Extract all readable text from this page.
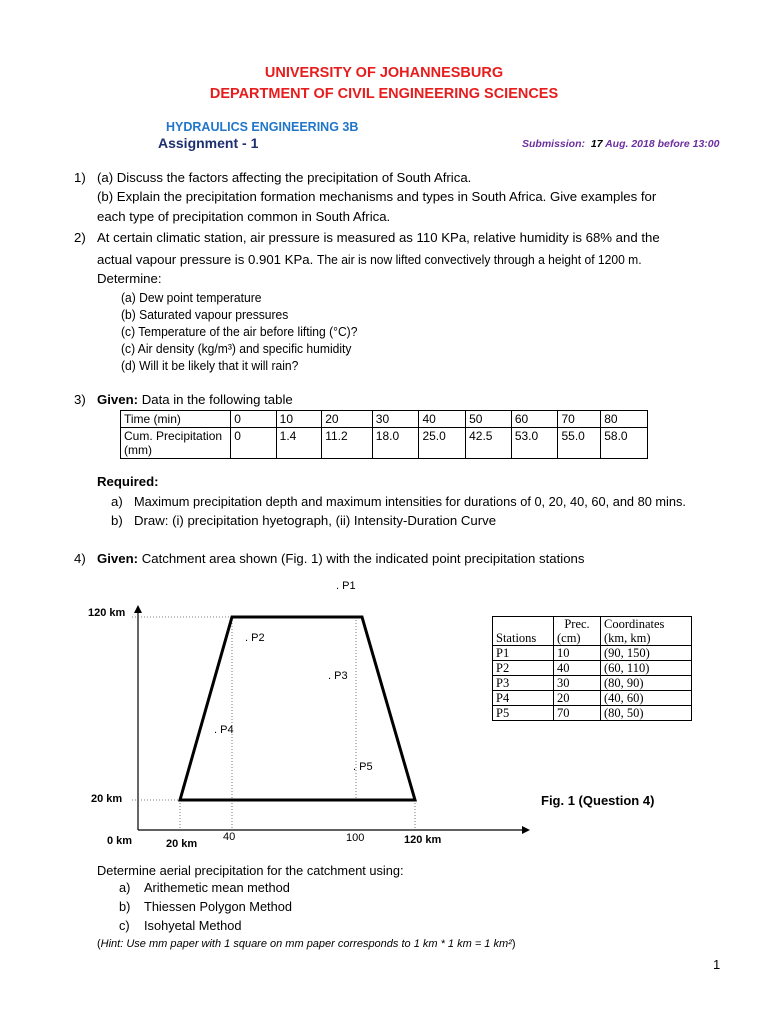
UNIVERSITY OF JOHANNESBURG
DEPARTMENT OF CIVIL ENGINEERING SCIENCES
HYDRAULICS ENGINEERING 3B
Assignment - 1	Submission: 17 Aug. 2018 before 13:00
1) (a) Discuss the factors affecting the precipitation of South Africa.
(b) Explain the precipitation formation mechanisms and types in South Africa. Give examples for
each type of precipitation common in South Africa.
2) At certain climatic station, air pressure is measured as 110 KPa, relative humidity is 68% and the
actual vapour pressure is 0.901 KPa. The air is now lifted convectively through a height of 1200 m.
Determine:
(a) Dew point temperature
(b) Saturated vapour pressures
(c) Temperature of the air before lifting (°C)?
(c) Air density (kg/m³) and specific humidity
(d) Will it be likely that it will rain?
3) Given: Data in the following table
Time (min)	0	10	20	30	40	50	60	70	80
Cum. Precipitation
(mm)	0	1.4	11.2	18.0	25.0	42.5	53.0	55.0	58.0
Required:
a) Maximum precipitation depth and maximum intensities for durations of 0, 20, 40, 60, and 80 mins.
b) Draw: (i) precipitation hyetograph, (ii) Intensity-Duration Curve
4) Given: Catchment area shown (Fig. 1) with the indicated point precipitation stations
120 km
20 km
0 km	20 km
40	100	120 km
. P1
. P2
. P3
. P4
. P5
Fig. 1 (Question 4)
	Prec.	Coordinates
Stations	(cm)	(km, km)
P1	10	(90, 150)
P2	40	(60, 110)
P3	30	(80, 90)
P4	20	(40, 60)
P5	70	(80, 50)
Determine aerial precipitation for the catchment using:
a) Arithemetic mean method
b) Thiessen Polygon Method
c) Isohyetal Method
(Hint: Use mm paper with 1 square on mm paper corresponds to 1 km * 1 km = 1 km²)
1
